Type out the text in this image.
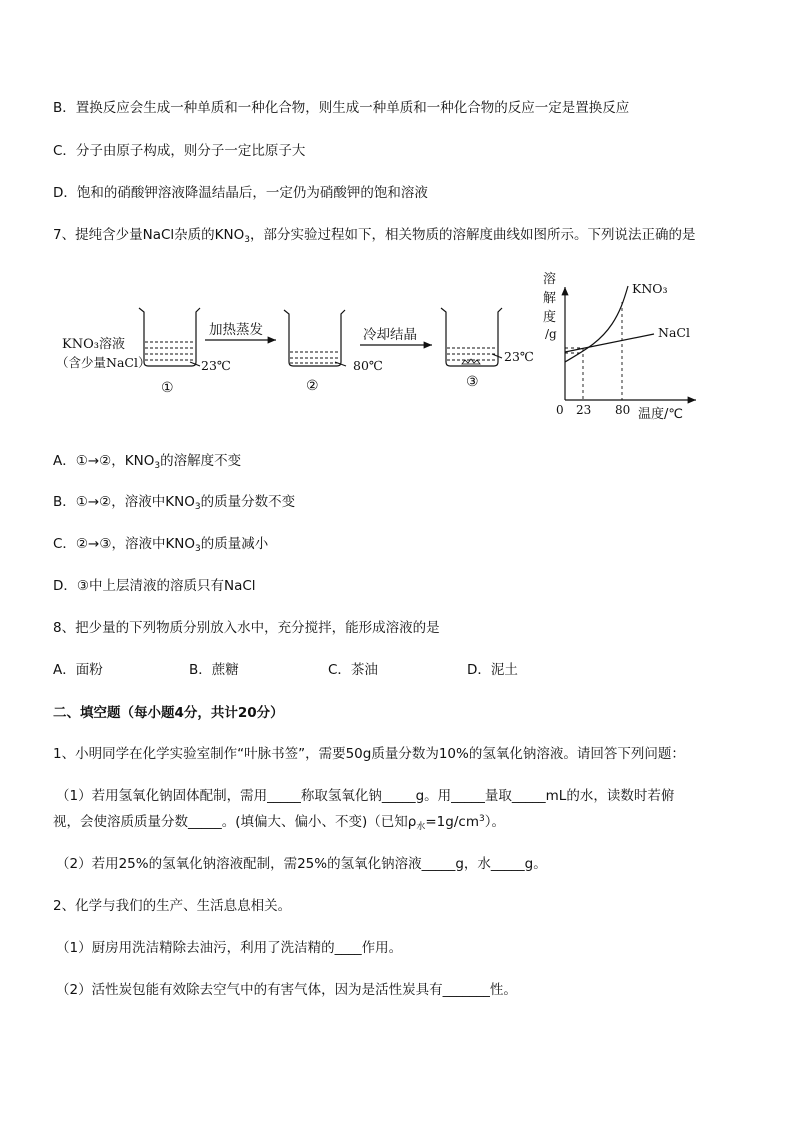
B．置换反应会生成一种单质和一种化合物，则生成一种单质和一种化合物的反应一定是置换反应
C．分子由原子构成，则分子一定比原子大
D．饱和的硝酸钾溶液降温结晶后，一定仍为硝酸钾的饱和溶液
7、提纯含少量NaCl杂质的$KNO_3$，部分实验过程如下，相关物质的溶解度曲线如图所示。下列说法正确的是
KNO₃溶液
（含少量NaCl）	23℃
①
加热蒸发
80℃
②
冷却结晶
23℃
③
溶
解
度
/g
KNO₃
NaCl
0 23 80 温度/℃
A．①→②，$KNO_3$的溶解度不变
B．①→②，溶液中$KNO_3$的质量分数不变
C．②→③，溶液中$KNO_3$的质量减小
D．③中上层清液的溶质只有NaCl
8、把少量的下列物质分别放入水中，充分搅拌，能形成溶液的是
A．面粉	B．蔗糖	C．茶油	D．泥土
二、填空题（每小题4分，共计20分）
1、小明同学在化学实验室制作“叶脉书签”，需要50g质量分数为10%的氢氧化钠溶液。请回答下列问题：
（1）若用氢氧化钠固体配制，需用_____称取氢氧化钠_____g。用_____量取_____mL的水，读数时若俯
视，会使溶质质量分数_____。(填偏大、偏小、不变)（已知$\rho_水=1g/cm^3$）。
（2）若用25%的氢氧化钠溶液配制，需25%的氢氧化钠溶液_____g，水_____g。
2、化学与我们的生产、生活息息相关。
（1）厨房用洗洁精除去油污，利用了洗洁精的____作用。
（2）活性炭包能有效除去空气中的有害气体，因为是活性炭具有_______性。
